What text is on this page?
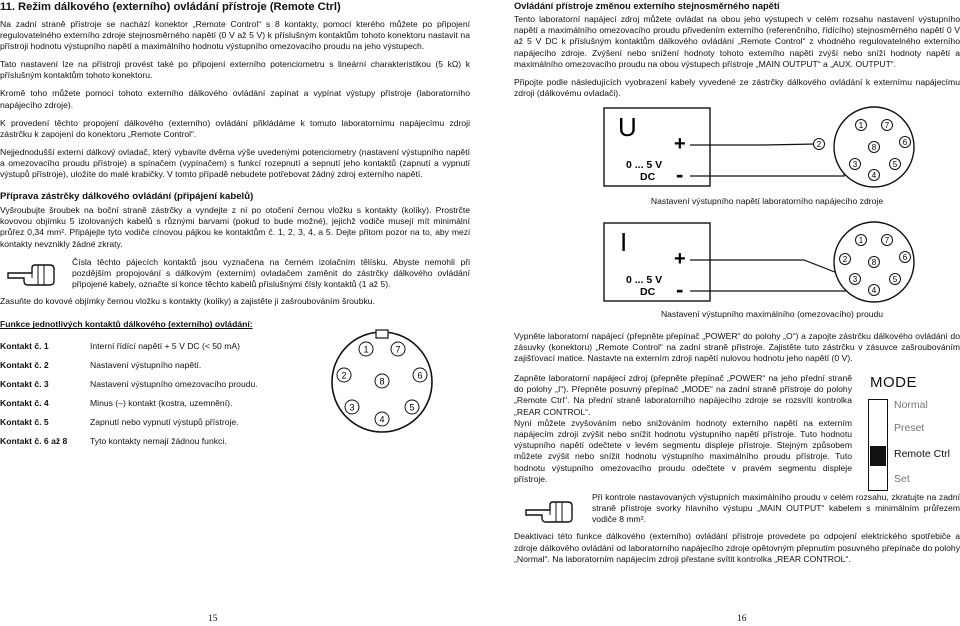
11. Režim dálkového (externího) ovládání přístroje (Remote Ctrl)

Na zadní straně přístroje se nachází konektor „Remote Control“ s 8 kontakty, pomocí kterého můžete po připojení regulovatelného externího zdroje stejnosměrného napětí (0 V až 5 V) k příslušným kontaktům tohoto konektoru nastavit na přístroji hodnotu výstupního napětí a maximálního hodnotu výstupního omezovacího proudu na jeho výstupech.

Tato nastavení lze na přístroji provést také po připojení externího potenciometru s lineární charakteristikou (5 kΩ) k příslušným kontaktům tohoto konektoru.

Kromě toho můžete pomocí tohoto externího dálkového ovládání zapínat a vypínat výstupy přístroje (laboratorního napájecího zdroje).

K provedení těchto propojení dálkového (externího) ovládání přikládáme k tomuto laboratornímu napájecímu zdroji zástrčku k zapojení do konektoru „Remote Control“.

Nejjednodušší externí dálkový ovladač, který vybavíte dvěma výše uvedenými potenciometry (nastavení výstupního napětí a omezovacího proudu přístroje) a spínačem (vypínačem) s funkcí rozepnutí a sepnutí jeho kontaktů (zapnutí a vypnutí výstupů přístroje), uložíte do malé krabičky. V tomto případě nebudete potřebovat žádný zdroj externího napětí.

Příprava zástrčky dálkového ovládání (připájení kabelů)

Vyšroubujte šroubek na boční straně zástrčky a vyndejte z ní po otočení černou vložku s kontakty (kolíky). Prostrčte kovovou objímku 5 izolovaných kabelů s různými barvami (pokud to bude možné), jejichž vodiče musejí mít minimální průřez 0,34 mm². Připájejte tyto vodiče cínovou pájkou ke kontaktům č. 1, 2, 3, 4, a 5. Dejte přitom pozor na to, aby mezi kontakty nevznikly žádné zkraty.

Čísla těchto pájecích kontaktů jsou vyznačena na černém izolačním tělísku. Abyste nemohli při pozdějším propojování s dálkovým (externím) ovladačem zaměnit do zástrčky dálkového ovládání připojené kabely, označte si konce těchto kabelů příslušnými čísly kontaktů (1 až 5).

Zasuňte do kovové objímky černou vložku s kontakty (kolíky) a zajistěte ji zašroubováním šroubku.

Funkce jednotlivých kontaktů dálkového (externího) ovládání:
Kontakt č. 1	Interní řídící napětí + 5 V DC (< 50 mA)
Kontakt č. 2	Nastavení výstupního napětí.
Kontakt č. 3	Nastavení výstupního omezovacího proudu.
Kontakt č. 4	Minus (–) kontakt (kostra, uzemnění).
Kontakt č. 5	Zapnutí nebo vypnutí výstupů přístroje.
Kontakt č. 6 až 8	Tyto kontakty nemají žádnou funkci.
1	7
2
8
6
3	5
4
15
Ovládání přístroje změnou externího stejnosměrného napětí

Tento laboratorní napájecí zdroj můžete ovládat na obou jeho výstupech v celém rozsahu nastavení výstupního napětí a maximálního omezovacího proudu přivedením externího (referenčního, řídícího) stejnosměrného napětí 0 V až 5 V DC k příslušným kontaktům dálkového ovládání „Remote Control“ z vhodného regulovatelného externího napájecího zdroje. Zvýšení nebo snížení hodnoty tohoto externího napětí zvýší nebo sníží hodnoty napětí a maximálního omezovacího proudu na obou výstupech přístroje „MAIN OUTPUT“ a „AUX. OUTPUT“.

Připojte podle následujících vyobrazení kabely vyvedené ze zástrčky dálkového ovládání k externímu napájecímu zdroji (dálkovému ovladači).

U
0 ... 5 V
DC
+
-
1	7
2	8
6
3	5
4
Nastavení výstupního napětí laboratorního napájecího zdroje
I
0 ... 5 V
DC
+
-
1	7
2	8
6
3	5
4
Nastavení výstupního maximálního (omezovacího) proudu

Vypněte laboratorní napájecí (přepněte přepínač „POWER“ do polohy „O“) a zapojte zástrčku dálkového ovládání do zásuvky (konektoru) „Remote Control“ na zadní straně přístroje. Zajistěte tuto zástrčku v zásuvce zašroubováním zajišťovací matice. Nastavte na externím zdroji napětí nulovou hodnotu jeho napětí (0 V).

Zapněte laboratorní napájecí zdroj (přepněte přepínač „POWER“ na jeho přední straně do polohy „I“). Přepněte posuvný přepínač „MODE“ na zadní straně přístroje do polohy „Remote Ctrl“. Na přední straně laboratorního napájecího zdroje se rozsvítí kontrolka „REAR CONTROL“.

Nyní můžete zvyšováním nebo snižováním hodnoty externího napětí na externím napájecím zdroji zvýšit nebo snížit hodnotu výstupního napětí přístroje. Tuto hodnotu výstupního napětí odečtete v levém segmentu displeje přístroje. Stejným způsobem můžete zvýšit nebo snížit hodnotu výstupního maximálního proudu přístroje. Tuto hodnotu výstupního omezovacího proudu odečtete v pravém segmentu displeje přístroje.

MODE
Normal
Preset
Remote Ctrl
Set
Při kontrole nastavovaných výstupních maximálního proudu v celém rozsahu, zkratujte na zadní straně přístroje svorky hlavního výstupu „MAIN OUTPUT“ kabelem s minimálním průřezem vodiče 8 mm².

Deaktivaci této funkce dálkového (externího) ovládání přístroje provedete po odpojení elektrického spotřebiče a zdroje dálkového ovládání od laboratorního napájecího zdroje opětovným přepnutím posuvného přepínače do polohy „Normal“. Na laboratorním napájecím zdroji přestane svítit kontrolka „REAR CONTROL“.

16
